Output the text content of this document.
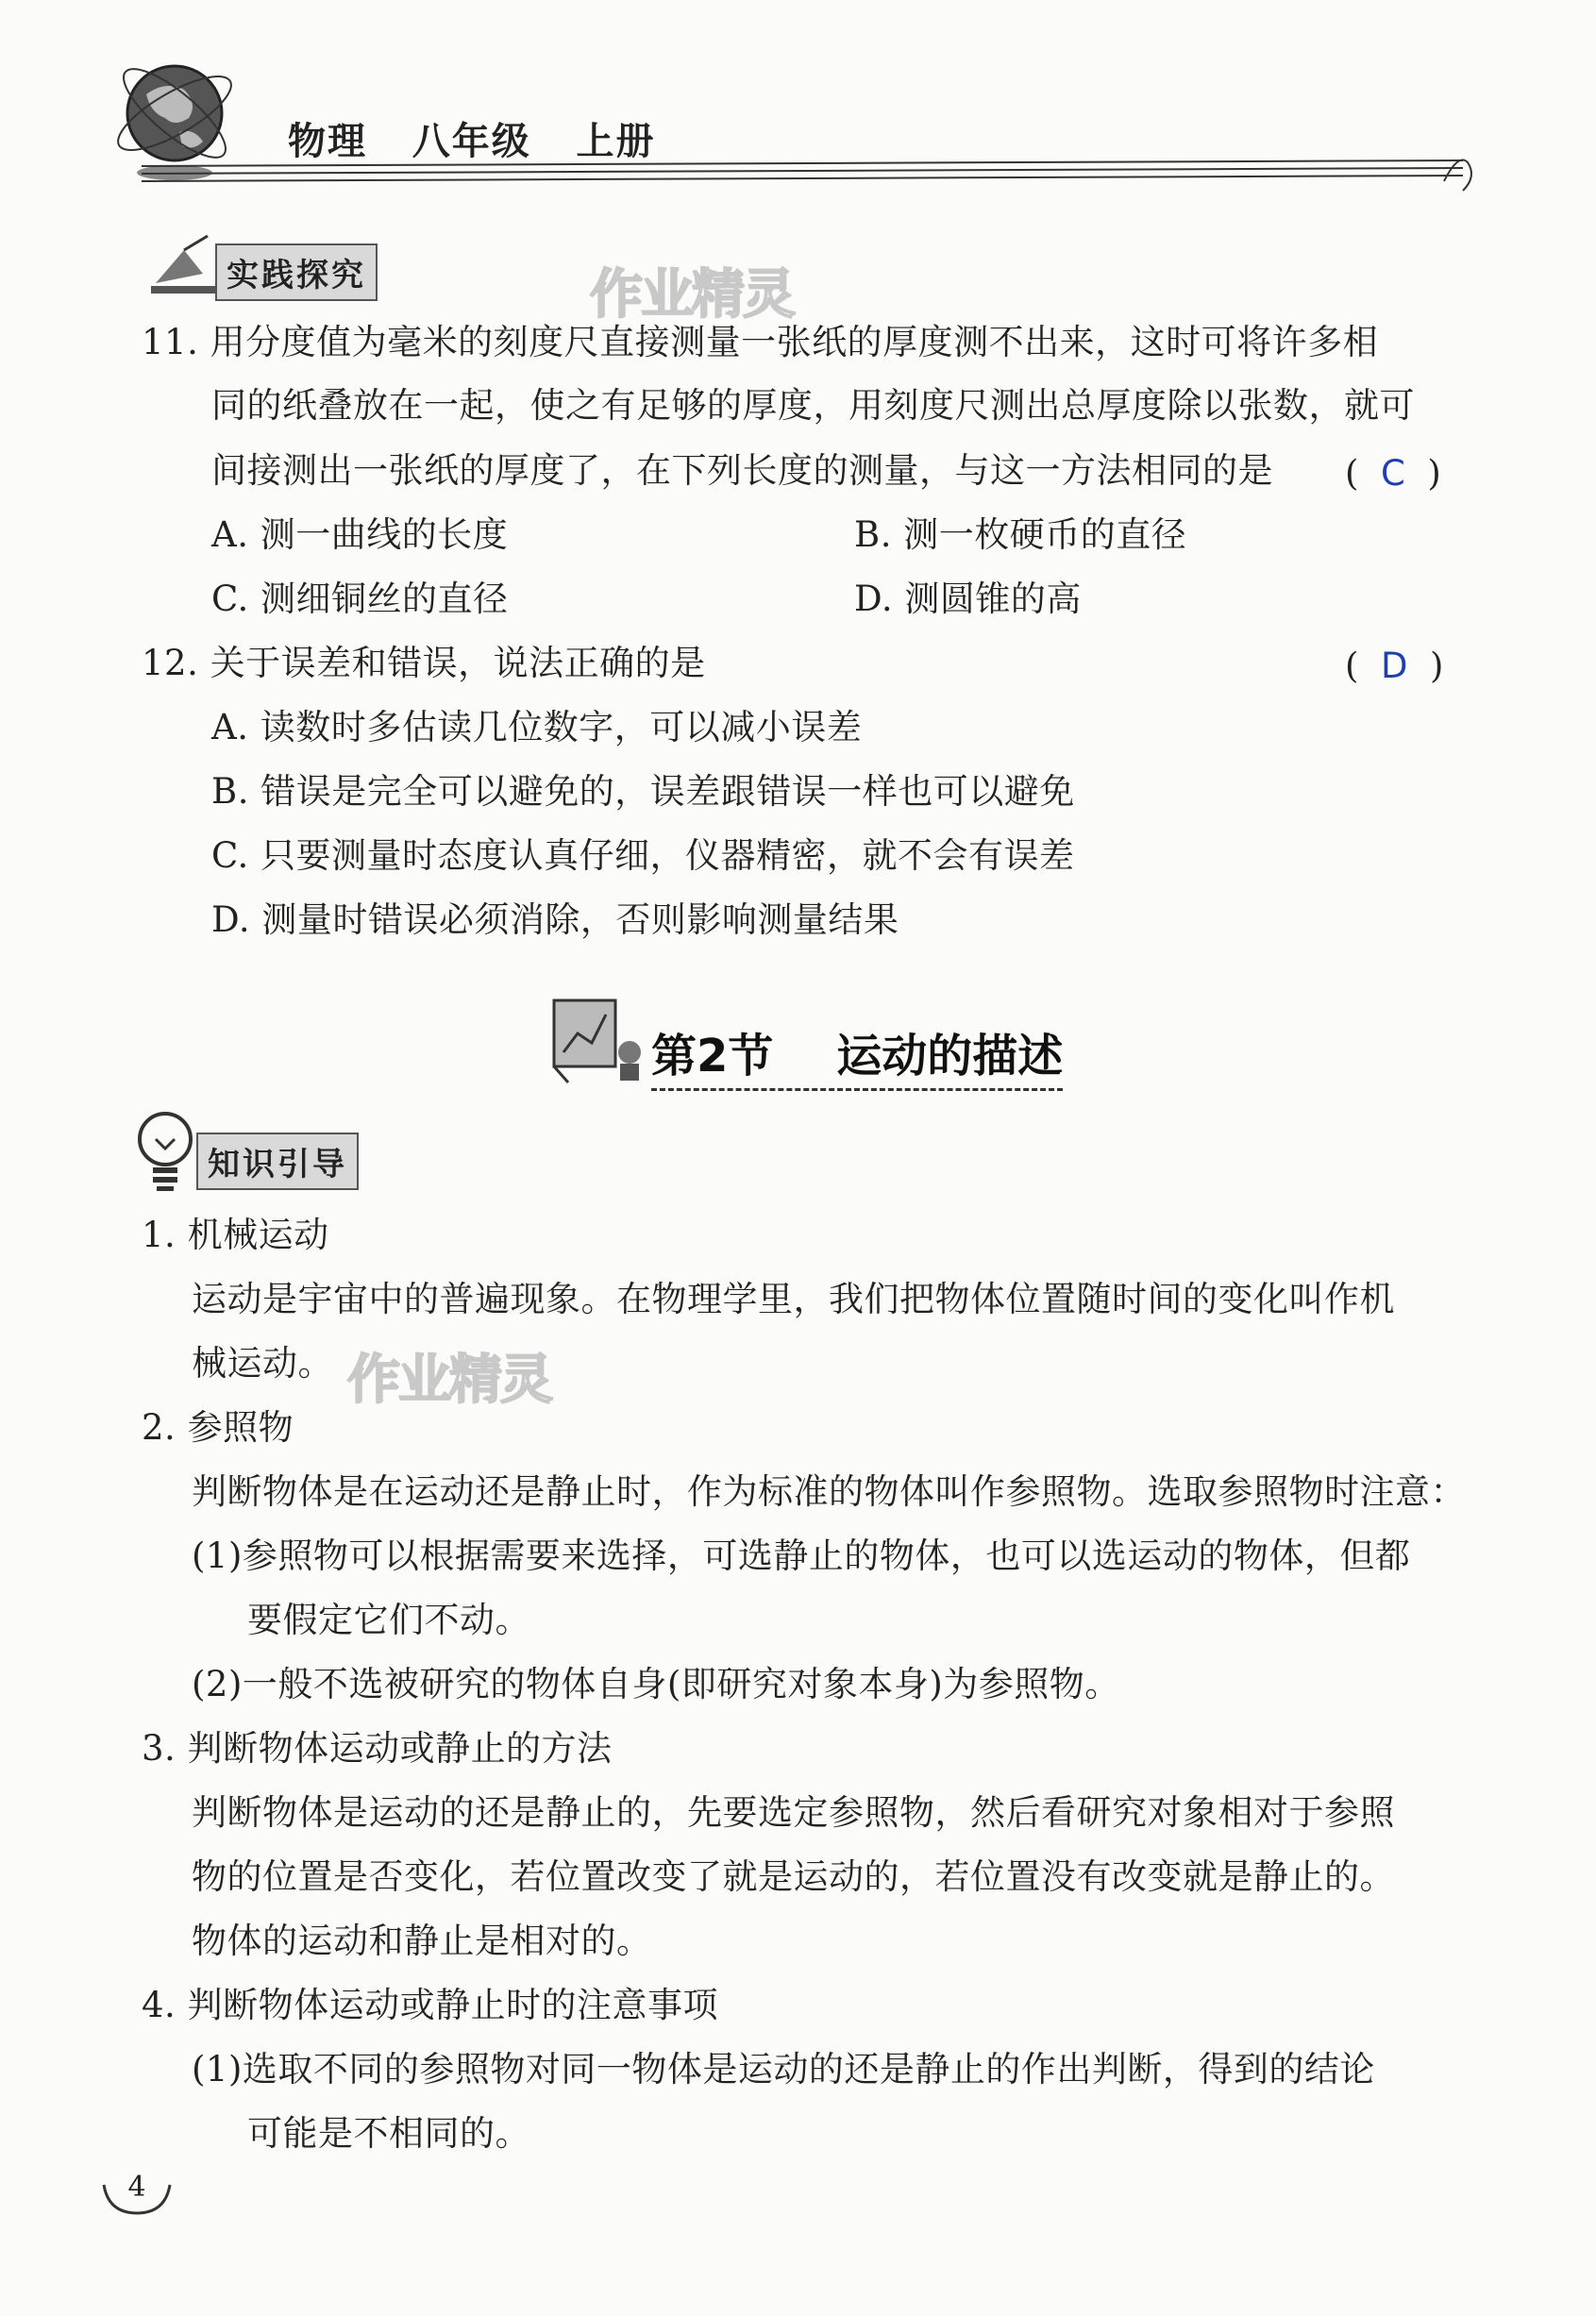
物理   八年级   上册
实践探究	作业精灵
11. 用分度值为毫米的刻度尺直接测量一张纸的厚度测不出来，这时可将许多相
同的纸叠放在一起，使之有足够的厚度，用刻度尺测出总厚度除以张数，就可
间接测出一张纸的厚度了，在下列长度的测量，与这一方法相同的是 (  C  )
A. 测一曲线的长度	B. 测一枚硬币的直径
C. 测细铜丝的直径	D. 测圆锥的高
12. 关于误差和错误，说法正确的是	(  D  )
A. 读数时多估读几位数字，可以减小误差
B. 错误是完全可以避免的，误差跟错误一样也可以避免
C. 只要测量时态度认真仔细，仪器精密，就不会有误差
D. 测量时错误必须消除，否则影响测量结果
第2节    运动的描述
知识引导
1. 机械运动
运动是宇宙中的普遍现象。在物理学里，我们把物体位置随时间的变化叫作机
械运动。 作业精灵
2. 参照物
判断物体是在运动还是静止时，作为标准的物体叫作参照物。选取参照物时注意：
(1)参照物可以根据需要来选择，可选静止的物体，也可以选运动的物体，但都
要假定它们不动。
(2)一般不选被研究的物体自身(即研究对象本身)为参照物。
3. 判断物体运动或静止的方法
判断物体是运动的还是静止的，先要选定参照物，然后看研究对象相对于参照
物的位置是否变化，若位置改变了就是运动的，若位置没有改变就是静止的。
物体的运动和静止是相对的。
4. 判断物体运动或静止时的注意事项
(1)选取不同的参照物对同一物体是运动的还是静止的作出判断，得到的结论
可能是不相同的。
4
